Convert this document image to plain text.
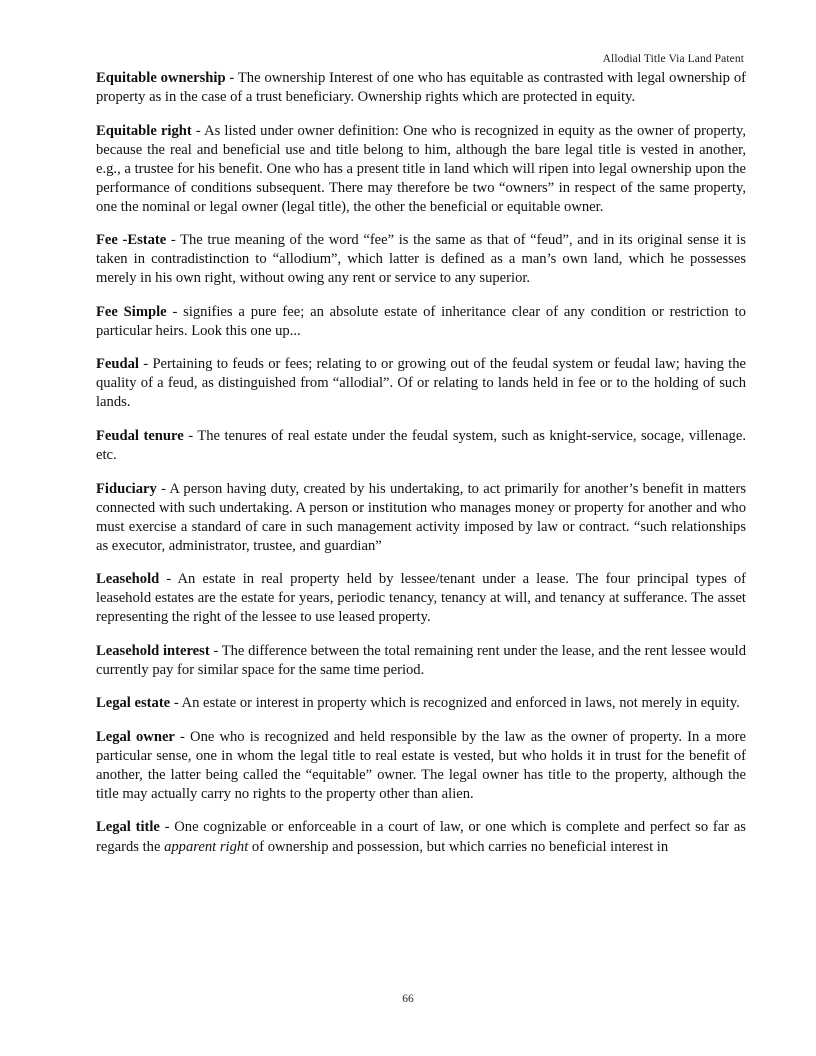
Allodial Title Via Land Patent

Equitable ownership - The ownership Interest of one who has equitable as contrasted with legal ownership of property as in the case of a trust beneficiary. Ownership rights which are protected in equity.

Equitable right - As listed under owner definition: One who is recognized in equity as the owner of property, because the real and beneficial use and title belong to him, although the bare legal title is vested in another, e.g., a trustee for his benefit. One who has a present title in land which will ripen into legal ownership upon the performance of conditions subsequent. There may therefore be two “owners” in respect of the same property, one the nominal or legal owner (legal title), the other the beneficial or equitable owner.

Fee -Estate - The true meaning of the word “fee” is the same as that of “feud”, and in its original sense it is taken in contradistinction to “allodium”, which latter is defined as a man’s own land, which he possesses merely in his own right, without owing any rent or service to any superior.

Fee Simple - signifies a pure fee; an absolute estate of inheritance clear of any condition or restriction to particular heirs. Look this one up...

Feudal - Pertaining to feuds or fees; relating to or growing out of the feudal system or feudal law; having the quality of a feud, as distinguished from “allodial”. Of or relating to lands held in fee or to the holding of such lands.

Feudal tenure - The tenures of real estate under the feudal system, such as knight-service, socage, villenage. etc.

Fiduciary - A person having duty, created by his undertaking, to act primarily for another’s benefit in matters connected with such undertaking. A person or institution who manages money or property for another and who must exercise a standard of care in such management activity imposed by law or contract. “such relationships as executor, administrator, trustee, and guardian”

Leasehold - An estate in real property held by lessee/tenant under a lease. The four principal types of leasehold estates are the estate for years, periodic tenancy, tenancy at will, and tenancy at sufferance. The asset representing the right of the lessee to use leased property.

Leasehold interest - The difference between the total remaining rent under the lease, and the rent lessee would currently pay for similar space for the same time period.

Legal estate - An estate or interest in property which is recognized and enforced in laws, not merely in equity.

Legal owner - One who is recognized and held responsible by the law as the owner of property. In a more particular sense, one in whom the legal title to real estate is vested, but who holds it in trust for the benefit of another, the latter being called the “equitable” owner. The legal owner has title to the property, although the title may actually carry no rights to the property other than alien.

Legal title - One cognizable or enforceable in a court of law, or one which is complete and perfect so far as regards the apparent right of ownership and possession, but which carries no beneficial interest in

66
